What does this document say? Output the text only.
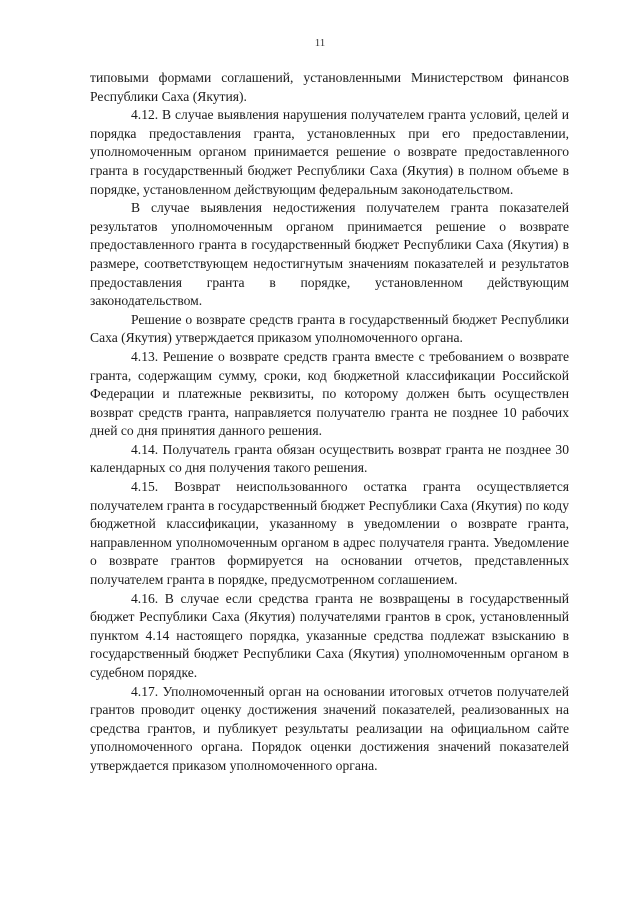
11

типовыми формами соглашений, установленными Министерством финансов Республики Саха (Якутия).

4.12. В случае выявления нарушения получателем гранта условий, целей и порядка предоставления гранта, установленных при его предоставлении, уполномоченным органом принимается решение о возврате предоставленного гранта в государственный бюджет Республики Саха (Якутия) в полном объеме в порядке, установленном действующим федеральным законодательством.

В случае выявления недостижения получателем гранта показателей результатов уполномоченным органом принимается решение о возврате предоставленного гранта в государственный бюджет Республики Саха (Якутия) в размере, соответствующем недостигнутым значениям показателей и результатов предоставления гранта в порядке, установленном действующим законодательством.

Решение о возврате средств гранта в государственный бюджет Республики Саха (Якутия) утверждается приказом уполномоченного органа.

4.13. Решение о возврате средств гранта вместе с требованием о возврате гранта, содержащим сумму, сроки, код бюджетной классификации Российской Федерации и платежные реквизиты, по которому должен быть осуществлен возврат средств гранта, направляется получателю гранта не позднее 10 рабочих дней со дня принятия данного решения.

4.14. Получатель гранта обязан осуществить возврат гранта не позднее 30 календарных со дня получения такого решения.

4.15. Возврат неиспользованного остатка гранта осуществляется получателем гранта в государственный бюджет Республики Саха (Якутия) по коду бюджетной классификации, указанному в уведомлении о возврате гранта, направленном уполномоченным органом в адрес получателя гранта. Уведомление о возврате грантов формируется на основании отчетов, представленных получателем гранта в порядке, предусмотренном соглашением.

4.16. В случае если средства гранта не возвращены в государственный бюджет Республики Саха (Якутия) получателями грантов в срок, установленный пунктом 4.14 настоящего порядка, указанные средства подлежат взысканию в государственный бюджет Республики Саха (Якутия) уполномоченным органом в судебном порядке.

4.17. Уполномоченный орган на основании итоговых отчетов получателей грантов проводит оценку достижения значений показателей, реализованных на средства грантов, и публикует результаты реализации на официальном сайте уполномоченного органа. Порядок оценки достижения значений показателей утверждается приказом уполномоченного органа.
